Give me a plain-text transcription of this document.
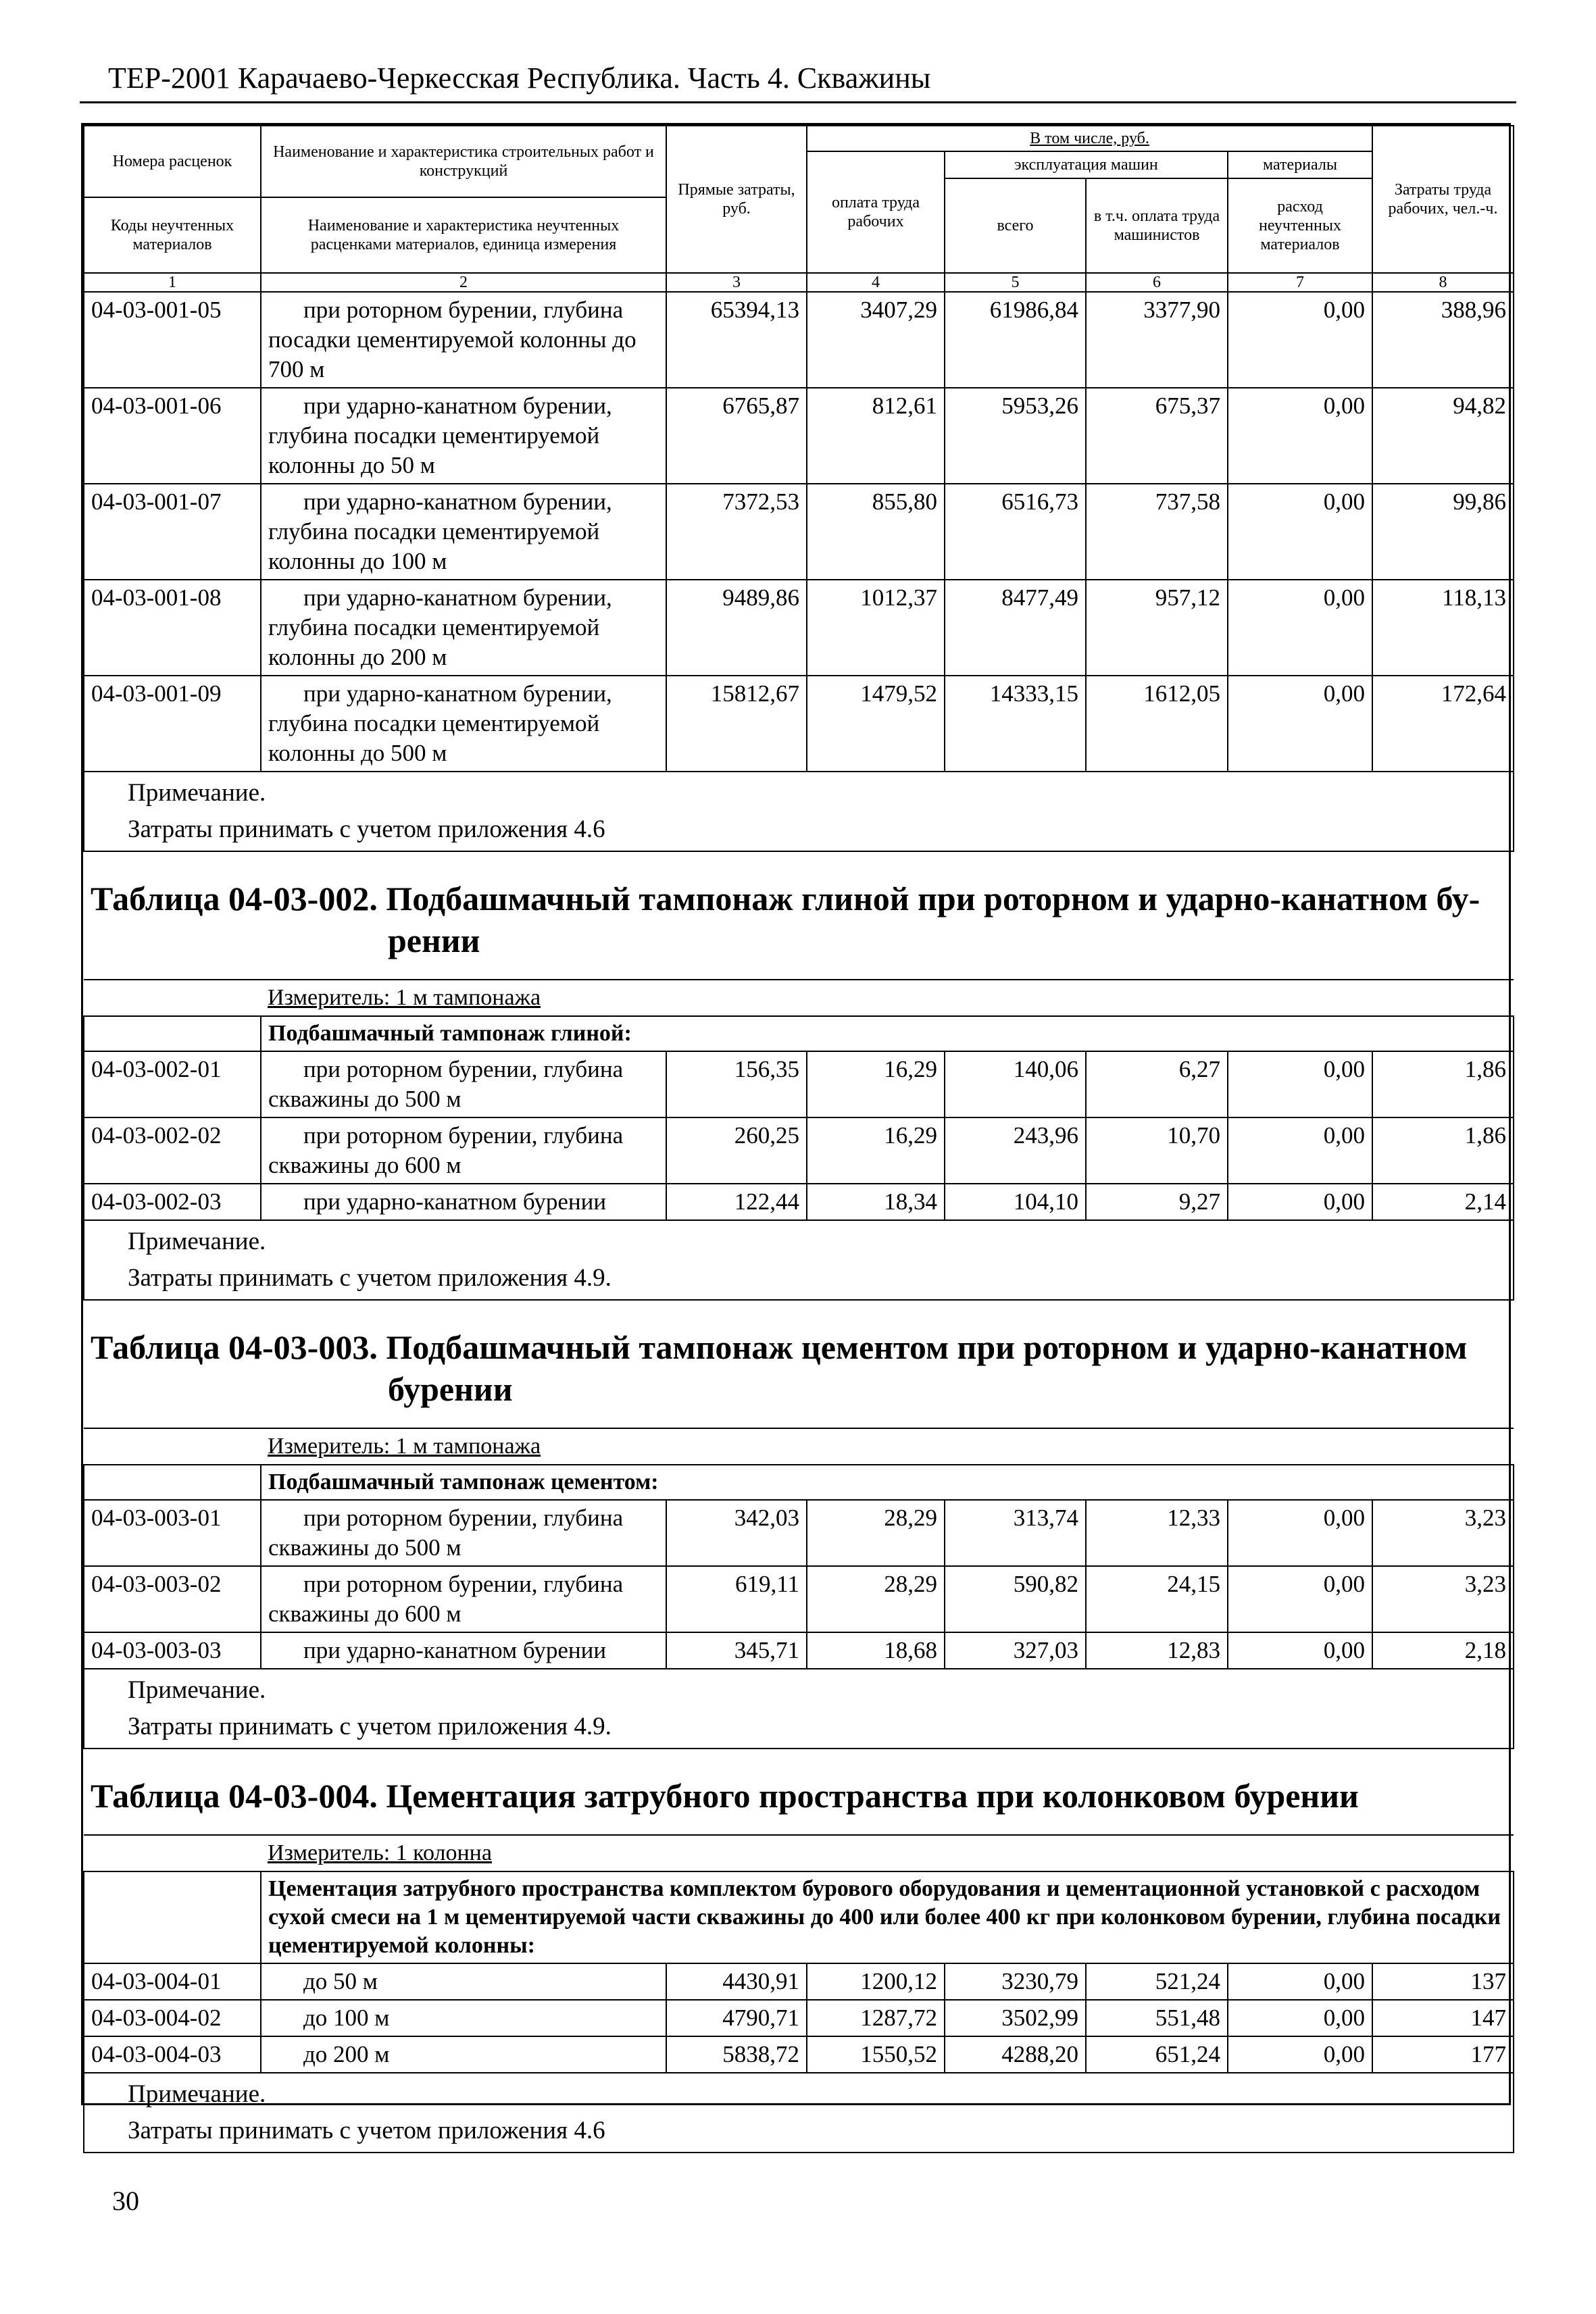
ТЕР-2001 Карачаево-Черкесская Республика. Часть 4. Скважины
Номера расценок	Наименование и характеристика строительных работ и конструкций	Прямые затраты, руб.	В том числе, руб.				Затраты труда рабочих, чел.-ч.
			оплата труда рабочих	эксплуатация машин		материалы	
				всего	в т.ч. оплата труда машинистов	расход неучтенных материалов	
Коды неучтенных материалов	Наименование и характеристика неучтенных расценками материалов, единица измерения						

1	2	3	4	5	6	7	8
04-03-001-05	при роторном бурении, глубина посадки цементируемой колонны до 700 м	65394,13	3407,29	61986,84	3377,90	0,00	388,96
04-03-001-06	при ударно-канатном бурении, глубина посадки цементируемой колонны до 50 м	6765,87	812,61	5953,26	675,37	0,00	94,82
04-03-001-07	при ударно-канатном бурении, глубина посадки цементируемой колонны до 100 м	7372,53	855,80	6516,73	737,58	0,00	99,86
04-03-001-08	при ударно-канатном бурении, глубина посадки цементируемой колонны до 200 м	9489,86	1012,37	8477,49	957,12	0,00	118,13
04-03-001-09	при ударно-канатном бурении, глубина посадки цементируемой колонны до 500 м	15812,67	1479,52	14333,15	1612,05	0,00	172,64

Примечание.
Затраты принимать с учетом приложения 4.6							

Таблица 04-03-002. Подбашмачный тампонаж глиной при роторном и ударно-канатном бу-
рении							

	Измеритель: 1 м тампонажа						
	Подбашмачный тампонаж глиной:						
04-03-002-01	при роторном бурении, глубина скважины до 500 м	156,35	16,29	140,06	6,27	0,00	1,86
04-03-002-02	при роторном бурении, глубина скважины до 600 м	260,25	16,29	243,96	10,70	0,00	1,86
04-03-002-03	при ударно-канатном бурении	122,44	18,34	104,10	9,27	0,00	2,14

Примечание.
Затраты принимать с учетом приложения 4.9.							

Таблица 04-03-003. Подбашмачный тампонаж цементом при роторном и ударно-канатном
бурении							

	Измеритель: 1 м тампонажа						
	Подбашмачный тампонаж цементом:						
04-03-003-01	при роторном бурении, глубина скважины до 500 м	342,03	28,29	313,74	12,33	0,00	3,23
04-03-003-02	при роторном бурении, глубина скважины до 600 м	619,11	28,29	590,82	24,15	0,00	3,23
04-03-003-03	при ударно-канатном бурении	345,71	18,68	327,03	12,83	0,00	2,18

Примечание.
Затраты принимать с учетом приложения 4.9.							

Таблица 04-03-004. Цементация затрубного пространства при колонковом бурении							
	Измеритель: 1 колонна						
	Цементация затрубного пространства комплектом бурового оборудования и цементационной установкой с расходом сухой смеси на 1 м цементируемой части скважины до 400 или более 400 кг при колонковом бурении, глубина посадки цементируемой колонны:						
04-03-004-01	до 50 м	4430,91	1200,12	3230,79	521,24	0,00	137
04-03-004-02	до 100 м	4790,71	1287,72	3502,99	551,48	0,00	147
04-03-004-03	до 200 м	5838,72	1550,52	4288,20	651,24	0,00	177

Примечание.
Затраты принимать с учетом приложения 4.6							
30
